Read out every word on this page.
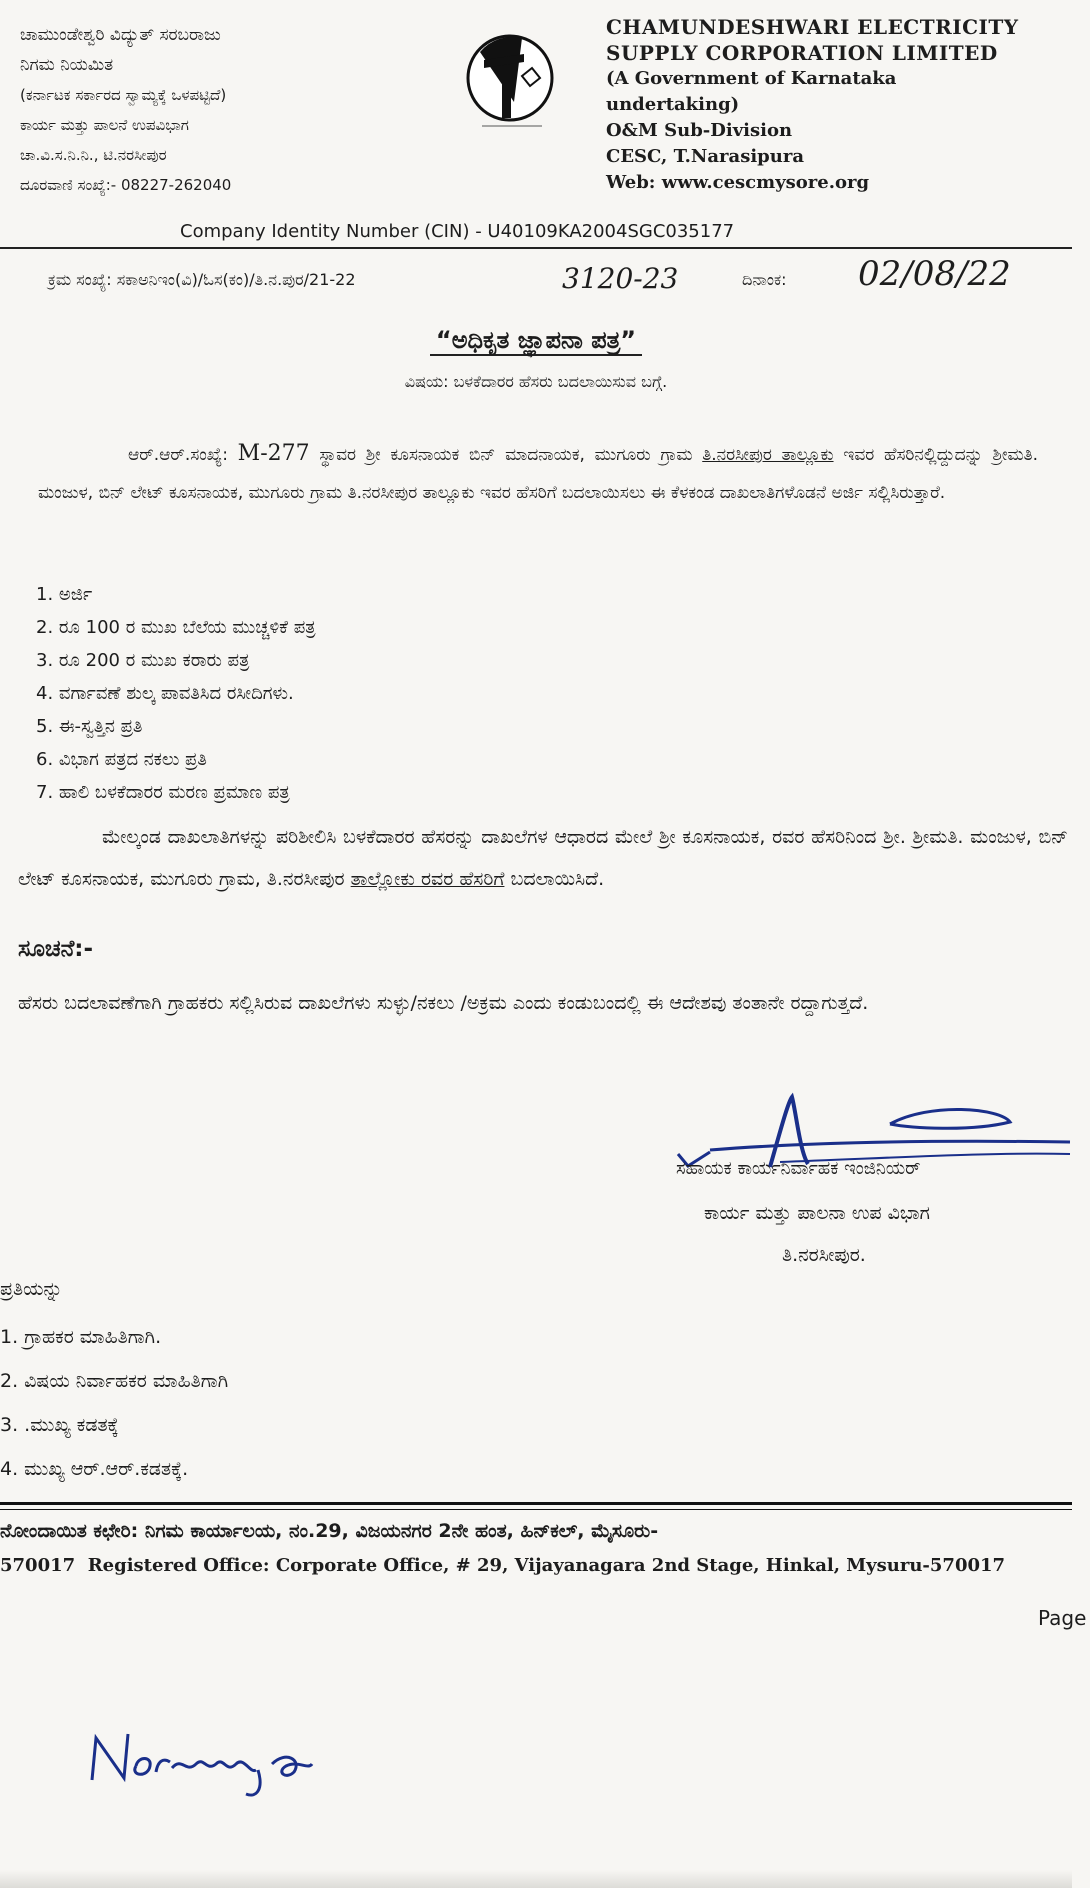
ಚಾಮುಂಡೇಶ್ವರಿ ವಿದ್ಯುತ್ ಸರಬರಾಜು
ನಿಗಮ ನಿಯಮಿತ
(ಕರ್ನಾಟಕ ಸರ್ಕಾರದ ಸ್ವಾಮ್ಯಕ್ಕೆ ಒಳಪಟ್ಟಿದೆ)
ಕಾರ್ಯ ಮತ್ತು ಪಾಲನೆ ಉಪವಿಭಾಗ
ಚಾ.ವಿ.ಸ.ನಿ.ನಿ., ಟಿ.ನರಸೀಪುರ
ದೂರವಾಣಿ ಸಂಖ್ಯೆ:- 08227-262040
CHAMUNDESHWARI ELECTRICITY
SUPPLY CORPORATION LIMITED
(A Government of Karnataka
undertaking)
O&M Sub-Division
CESC, T.Narasipura
Web: www.cescmysore.org
Company Identity Number (CIN) - U40109KA2004SGC035177
ಕ್ರಮ ಸಂಖ್ಯೆ: ಸಕಾಅನಿಇಂ(ವಿ)/ಓಸ(ಕಂ)/ತಿ.ನ.ಪುರ/21-22	3120-23	ದಿನಾಂಕ: 02/08/22
“ಅಧಿಕೃತ ಜ್ಞಾಪನಾ ಪತ್ರ”
ವಿಷಯ: ಬಳಕೆದಾರರ ಹೆಸರು ಬದಲಾಯಿಸುವ ಬಗ್ಗೆ.
ಆರ್.ಆರ್.ಸಂಖ್ಯೆ: M-277 ಸ್ಥಾವರ ಶ್ರೀ ಕೂಸನಾಯಕ ಬಿನ್ ಮಾದನಾಯಕ, ಮುಗೂರು ಗ್ರಾಮ ತಿ.ನರಸೀಪುರ ತಾಲ್ಲೂಕು ಇವರ ಹೆಸರಿನಲ್ಲಿದ್ದುದನ್ನು ಶ್ರೀಮತಿ. ಮಂಜುಳ, ಬಿನ್ ಲೇಟ್ ಕೂಸನಾಯಕ, ಮುಗೂರು ಗ್ರಾಮ ತಿ.ನರಸೀಪುರ ತಾಲ್ಲೂಕು ಇವರ ಹೆಸರಿಗೆ ಬದಲಾಯಿಸಲು ಈ ಕೆಳಕಂಡ ದಾಖಲಾತಿಗಳೊಡನೆ ಅರ್ಜಿ ಸಲ್ಲಿಸಿರುತ್ತಾರೆ.
1. ಅರ್ಜಿ
2. ರೂ 100 ರ ಮುಖ ಬೆಲೆಯ ಮುಚ್ಚಳಿಕೆ ಪತ್ರ
3. ರೂ 200 ರ ಮುಖ ಕರಾರು ಪತ್ರ
4. ವರ್ಗಾವಣೆ ಶುಲ್ಕ ಪಾವತಿಸಿದ ರಸೀದಿಗಳು.
5. ಈ-ಸ್ವತ್ತಿನ ಪ್ರತಿ
6. ವಿಭಾಗ ಪತ್ರದ ನಕಲು ಪ್ರತಿ
7. ಹಾಲಿ ಬಳಕೆದಾರರ ಮರಣ ಪ್ರಮಾಣ ಪತ್ರ
ಮೇಲ್ಕಂಡ ದಾಖಲಾತಿಗಳನ್ನು ಪರಿಶೀಲಿಸಿ ಬಳಕೆದಾರರ ಹೆಸರನ್ನು ದಾಖಲೆಗಳ ಆಧಾರದ ಮೇಲೆ ಶ್ರೀ ಕೂಸನಾಯಕ, ರವರ ಹೆಸರಿನಿಂದ ಶ್ರೀ. ಶ್ರೀಮತಿ. ಮಂಜುಳ, ಬಿನ್ ಲೇಟ್ ಕೂಸನಾಯಕ, ಮುಗೂರು ಗ್ರಾಮ, ತಿ.ನರಸೀಪುರ ತಾಲ್ಲೋಕು ರವರ ಹೆಸರಿಗೆ ಬದಲಾಯಿಸಿದೆ.
ಸೂಚನೆ:-
ಹೆಸರು ಬದಲಾವಣೆಗಾಗಿ ಗ್ರಾಹಕರು ಸಲ್ಲಿಸಿರುವ ದಾಖಲೆಗಳು ಸುಳ್ಳು/ನಕಲು /ಅಕ್ರಮ ಎಂದು ಕಂಡುಬಂದಲ್ಲಿ ಈ ಆದೇಶವು ತಂತಾನೇ ರದ್ದಾಗುತ್ತದೆ.
ಸಹಾಯಕ ಕಾರ್ಯನಿರ್ವಾಹಕ ಇಂಜಿನಿಯರ್
ಕಾರ್ಯ ಮತ್ತು ಪಾಲನಾ ಉಪ ವಿಭಾಗ
ತಿ.ನರಸೀಪುರ.
ಪ್ರತಿಯನ್ನು
1. ಗ್ರಾಹಕರ ಮಾಹಿತಿಗಾಗಿ.
2. ವಿಷಯ ನಿರ್ವಾಹಕರ ಮಾಹಿತಿಗಾಗಿ
3. .ಮುಖ್ಯ ಕಡತಕ್ಕೆ
4. ಮುಖ್ಯ ಆರ್.ಆರ್.ಕಡತಕ್ಕೆ.
ನೋಂದಾಯಿತ ಕಛೇರಿ: ನಿಗಮ ಕಾರ್ಯಾಲಯ, ನಂ.29, ವಿಜಯನಗರ 2ನೇ ಹಂತ, ಹಿನ್‌ಕಲ್, ಮೈಸೂರು-
570017 Registered Office: Corporate Office, # 29, Vijayanagara 2nd Stage, Hinkal, Mysuru-570017
Page
